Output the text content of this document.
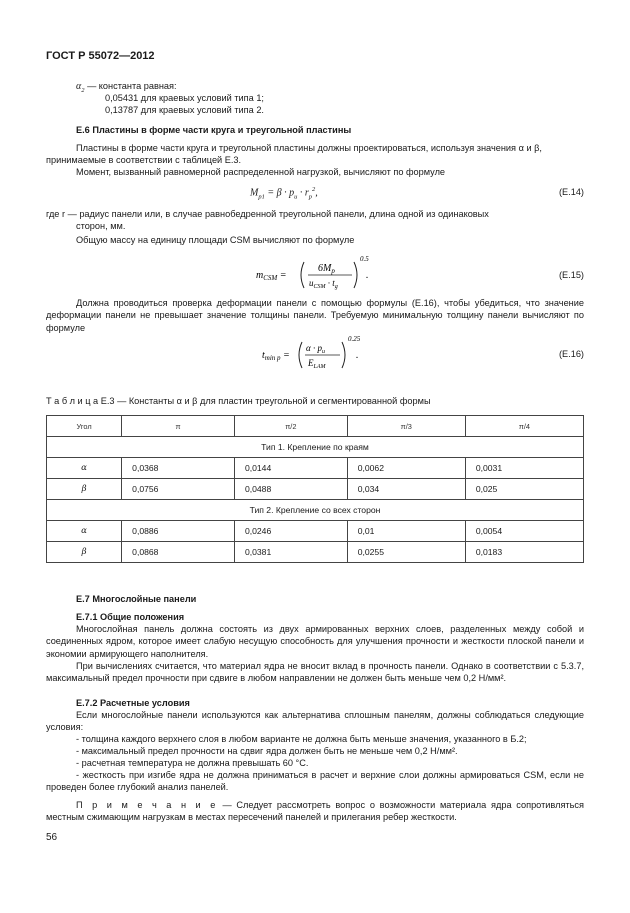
ГОСТ Р 55072—2012
$\alpha_2$ — константа равная:
0,05431 для краевых условий типа 1;
0,13787 для краевых условий типа 2.
Е.6 Пластины в форме части круга и треугольной пластины
Пластины в форме части круга и треугольной пластины должны проектироваться, используя значения α и β,
принимаемые в соответствии с таблицей Е.3.
Момент, вызванный равномерной распределенной нагрузкой, вычисляют по формуле
$M_{p1} = \beta \cdot p_u \cdot r_p^2$,	(Е.14)
где r — радиус панели или, в случае равнобедренной треугольной панели, длина одной из одинаковых
сторон, мм.
Общую массу на единицу площади CSM вычисляют по формуле
$m_{CSM}$ =
$6M_p$
$u_{CSM} \cdot t_g$
0.5
.	(Е.15)
Должна проводиться проверка деформации панели с помощью формулы (Е.16), чтобы убедиться, что значение деформации панели не превышает значение толщины панели. Требуемую минимальную толщину панели вычисляют по формуле
$t_{min p}$ =
$\alpha \cdot p_u$
$E_{LAM}$
0.25
.	(Е.16)
Т а б л и ц а Е.3 — Константы α и β для пластин треугольной и сегментированной формы
Угол	π	π/2	π/3	π/4
Тип 1. Крепление по краям				
α	0,0368	0,0144	0,0062	0,0031
β	0,0756	0,0488	0,034	0,025
Тип 2. Крепление со всех сторон				
α	0,0886	0,0246	0,01	0,0054
β	0,0868	0,0381	0,0255	0,0183
Е.7 Многослойные панели
Е.7.1 Общие положения
Многослойная панель должна состоять из двух армированных верхних слоев, разделенных между собой и соединенных ядром, которое имеет слабую несущую способность для улучшения прочности и жесткости плоской панели и экономии армирующего наполнителя.
При вычислениях считается, что материал ядра не вносит вклад в прочность панели. Однако в соответствии с 5.3.7, максимальный предел прочности при сдвиге в любом направлении не должен быть меньше чем 0,2 Н/мм².
Е.7.2 Расчетные условия
Если многослойные панели используются как альтернатива сплошным панелям, должны соблюдаться следующие условия:
- толщина каждого верхнего слоя в любом варианте не должна быть меньше значения, указанного в Б.2;
- максимальный предел прочности на сдвиг ядра должен быть не меньше чем 0,2 Н/мм².
- расчетная температура не должна превышать 60 °С.
- жесткость при изгибе ядра не должна приниматься в расчет и верхние слои должны армироваться CSM, если не проведен более глубокий анализ панелей.
П р и м е ч а н и е — Следует рассмотреть вопрос о возможности материала ядра сопротивляться местным сжимающим нагрузкам в местах пересечений панелей и прилегания ребер жесткости.
56
